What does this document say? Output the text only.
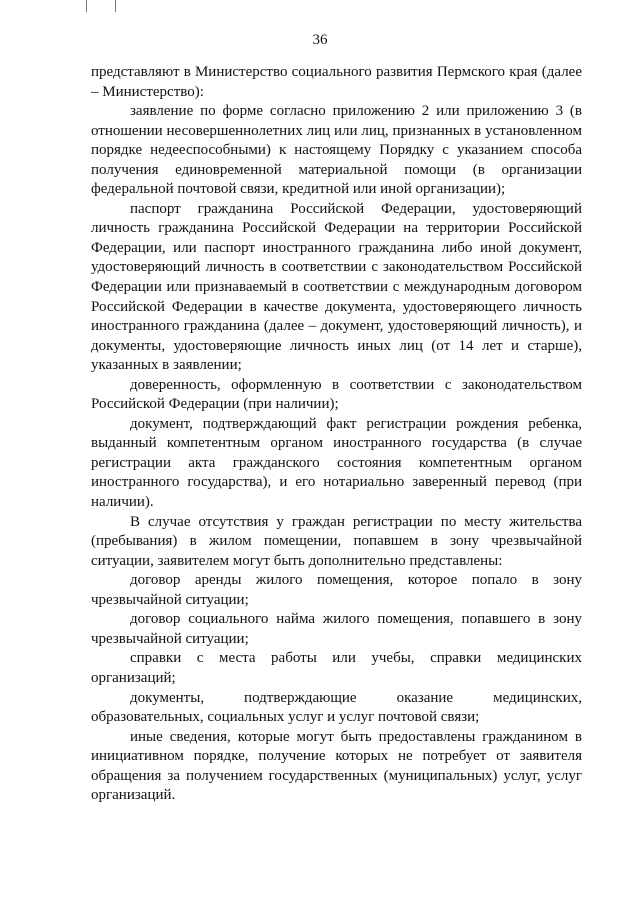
36

представляют в Министерство социального развития Пермского края (далее – Министерство):

заявление по форме согласно приложению 2 или приложению 3 (в отношении несовершеннолетних лиц или лиц, признанных в установленном порядке недееспособными) к настоящему Порядку с указанием способа получения единовременной материальной помощи (в организации федеральной почтовой связи, кредитной или иной организации);

паспорт гражданина Российской Федерации, удостоверяющий личность гражданина Российской Федерации на территории Российской Федерации, или паспорт иностранного гражданина либо иной документ, удостоверяющий личность в соответствии с законодательством Российской Федерации или признаваемый в соответствии с международным договором Российской Федерации в качестве документа, удостоверяющего личность иностранного гражданина (далее – документ, удостоверяющий личность), и документы, удостоверяющие личность иных лиц (от 14 лет и старше), указанных в заявлении;

доверенность, оформленную в соответствии с законодательством Российской Федерации (при наличии);

документ, подтверждающий факт регистрации рождения ребенка, выданный компетентным органом иностранного государства (в случае регистрации акта гражданского состояния компетентным органом иностранного государства), и его нотариально заверенный перевод (при наличии).

В случае отсутствия у граждан регистрации по месту жительства (пребывания) в жилом помещении, попавшем в зону чрезвычайной ситуации, заявителем могут быть дополнительно представлены:

договор аренды жилого помещения, которое попало в зону чрезвычайной ситуации;

договор социального найма жилого помещения, попавшего в зону чрезвычайной ситуации;

справки с места работы или учебы, справки медицинских организаций;

документы, подтверждающие оказание медицинских, образовательных, социальных услуг и услуг почтовой связи;

иные сведения, которые могут быть предоставлены гражданином в инициативном порядке, получение которых не потребует от заявителя обращения за получением государственных (муниципальных) услуг, услуг организаций.
